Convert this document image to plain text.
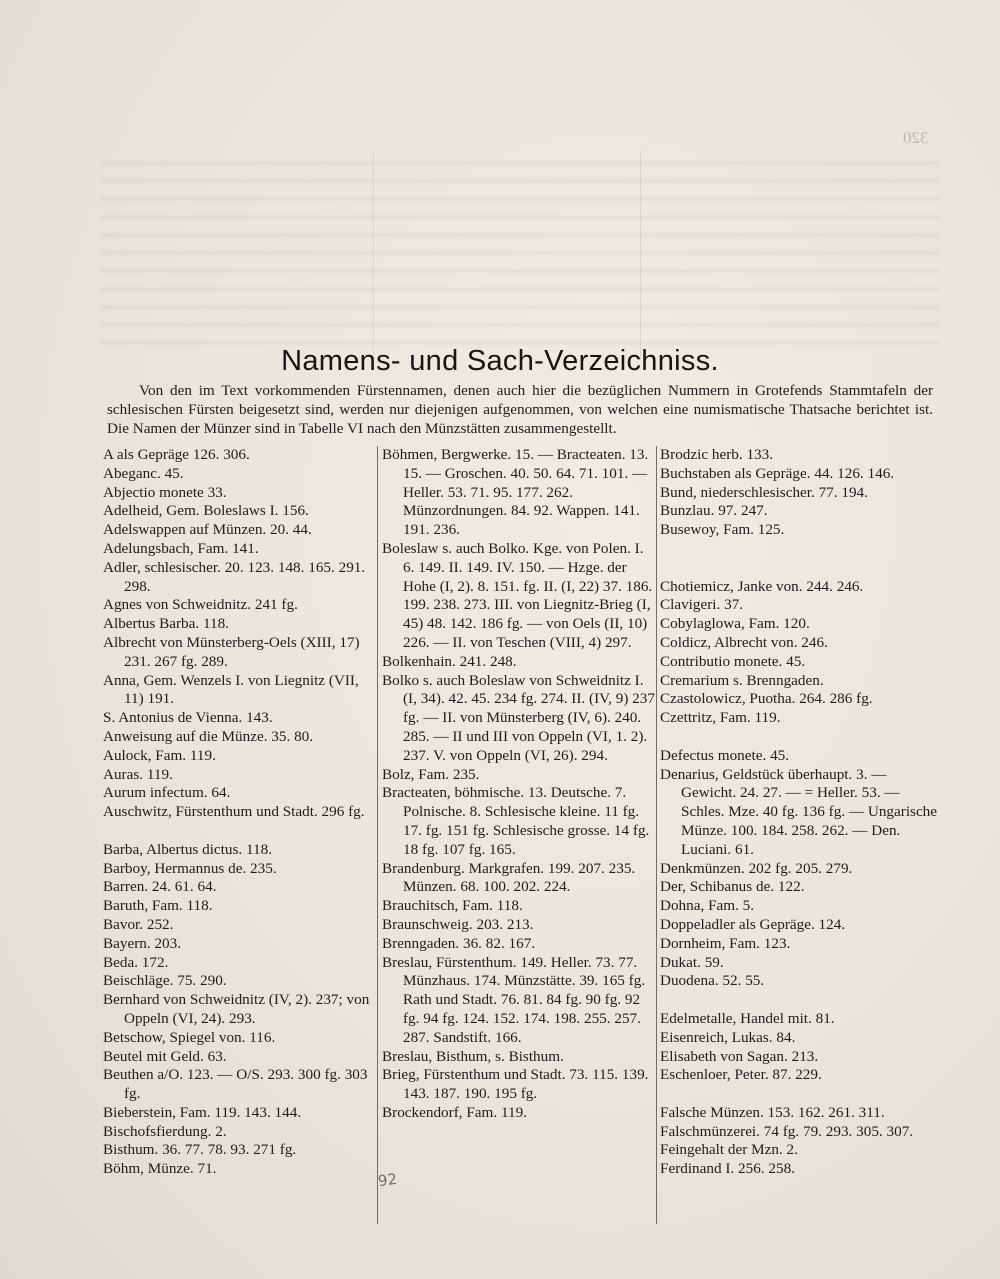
320
Namens- und Sach-Verzeichniss.
Von den im Text vorkommenden Fürstennamen, denen auch hier die bezüglichen Nummern in Grotefends Stammtafeln der schlesischen Fürsten beigesetzt sind, werden nur diejenigen aufgenommen, von welchen eine numismatische Thatsache berichtet ist. Die Namen der Münzer sind in Tabelle VI nach den Münzstätten zusammengestellt.
A als Gepräge 126. 306.
Abeganc. 45.
Abjectio monete 33.
Adelheid, Gem. Boleslaws I. 156.
Adelswappen auf Münzen. 20. 44.
Adelungsbach, Fam. 141.
Adler, schlesischer. 20. 123. 148. 165. 291. 298.
Agnes von Schweidnitz. 241 fg.
Albertus Barba. 118.
Albrecht von Münsterberg-Oels (XIII, 17) 231. 267 fg. 289.
Anna, Gem. Wenzels I. von Liegnitz (VII, 11) 191.
S. Antonius de Vienna. 143.
Anweisung auf die Münze. 35. 80.
Aulock, Fam. 119.
Auras. 119.
Aurum infectum. 64.
Auschwitz, Fürstenthum und Stadt. 296 fg.
Barba, Albertus dictus. 118.
Barboy, Hermannus de. 235.
Barren. 24. 61. 64.
Baruth, Fam. 118.
Bavor. 252.
Bayern. 203.
Beda. 172.
Beischläge. 75. 290.
Bernhard von Schweidnitz (IV, 2). 237; von Oppeln (VI, 24). 293.
Betschow, Spiegel von. 116.
Beutel mit Geld. 63.
Beuthen a/O. 123. — O/S. 293. 300 fg. 303 fg.
Bieberstein, Fam. 119. 143. 144.
Bischofsfierdung. 2.
Bisthum. 36. 77. 78. 93. 271 fg.
Böhm, Münze. 71.
Böhmen, Bergwerke. 15. — Bracteaten. 13. 15. — Groschen. 40. 50. 64. 71. 101. — Heller. 53. 71. 95. 177. 262. Münzordnungen. 84. 92. Wappen. 141. 191. 236.
Boleslaw s. auch Bolko. Kge. von Polen. I. 6. 149. II. 149. IV. 150. — Hzge. der Hohe (I, 2). 8. 151. fg. II. (I, 22) 37. 186. 199. 238. 273. III. von Liegnitz-Brieg (I, 45) 48. 142. 186 fg. — von Oels (II, 10) 226. — II. von Teschen (VIII, 4) 297.
Bolkenhain. 241. 248.
Bolko s. auch Boleslaw von Schweidnitz I. (I, 34). 42. 45. 234 fg. 274. II. (IV, 9) 237 fg. — II. von Münsterberg (IV, 6). 240. 285. — II und III von Oppeln (VI, 1. 2). 237. V. von Oppeln (VI, 26). 294.
Bolz, Fam. 235.
Bracteaten, böhmische. 13. Deutsche. 7. Polnische. 8. Schlesische kleine. 11 fg. 17. fg. 151 fg. Schlesische grosse. 14 fg. 18 fg. 107 fg. 165.
Brandenburg. Markgrafen. 199. 207. 235. Münzen. 68. 100. 202. 224.
Brauchitsch, Fam. 118.
Braunschweig. 203. 213.
Brenngaden. 36. 82. 167.
Breslau, Fürstenthum. 149. Heller. 73. 77. Münzhaus. 174. Münzstätte. 39. 165 fg. Rath und Stadt. 76. 81. 84 fg. 90 fg. 92 fg. 94 fg. 124. 152. 174. 198. 255. 257. 287. Sandstift. 166.
Breslau, Bisthum, s. Bisthum.
Brieg, Fürstenthum und Stadt. 73. 115. 139. 143. 187. 190. 195 fg.
Brockendorf, Fam. 119.
Brodzic herb. 133.
Buchstaben als Gepräge. 44. 126. 146.
Bund, niederschlesischer. 77. 194.
Bunzlau. 97. 247.
Busewoy, Fam. 125.
Chotiemicz, Janke von. 244. 246.
Clavigeri. 37.
Cobylaglowa, Fam. 120.
Coldicz, Albrecht von. 246.
Contributio monete. 45.
Cremarium s. Brenngaden.
Czastolowicz, Puotha. 264. 286 fg.
Czettritz, Fam. 119.
Defectus monete. 45.
Denarius, Geldstück überhaupt. 3. — Gewicht. 24. 27. — = Heller. 53. — Schles. Mze. 40 fg. 136 fg. — Ungarische Münze. 100. 184. 258. 262. — Den. Luciani. 61.
Denkmünzen. 202 fg. 205. 279.
Der, Schibanus de. 122.
Dohna, Fam. 5.
Doppeladler als Gepräge. 124.
Dornheim, Fam. 123.
Dukat. 59.
Duodena. 52. 55.
Edelmetalle, Handel mit. 81.
Eisenreich, Lukas. 84.
Elisabeth von Sagan. 213.
Eschenloer, Peter. 87. 229.
Falsche Münzen. 153. 162. 261. 311.
Falschmünzerei. 74 fg. 79. 293. 305. 307.
Feingehalt der Mzn. 2.
Ferdinand I. 256. 258.
92
